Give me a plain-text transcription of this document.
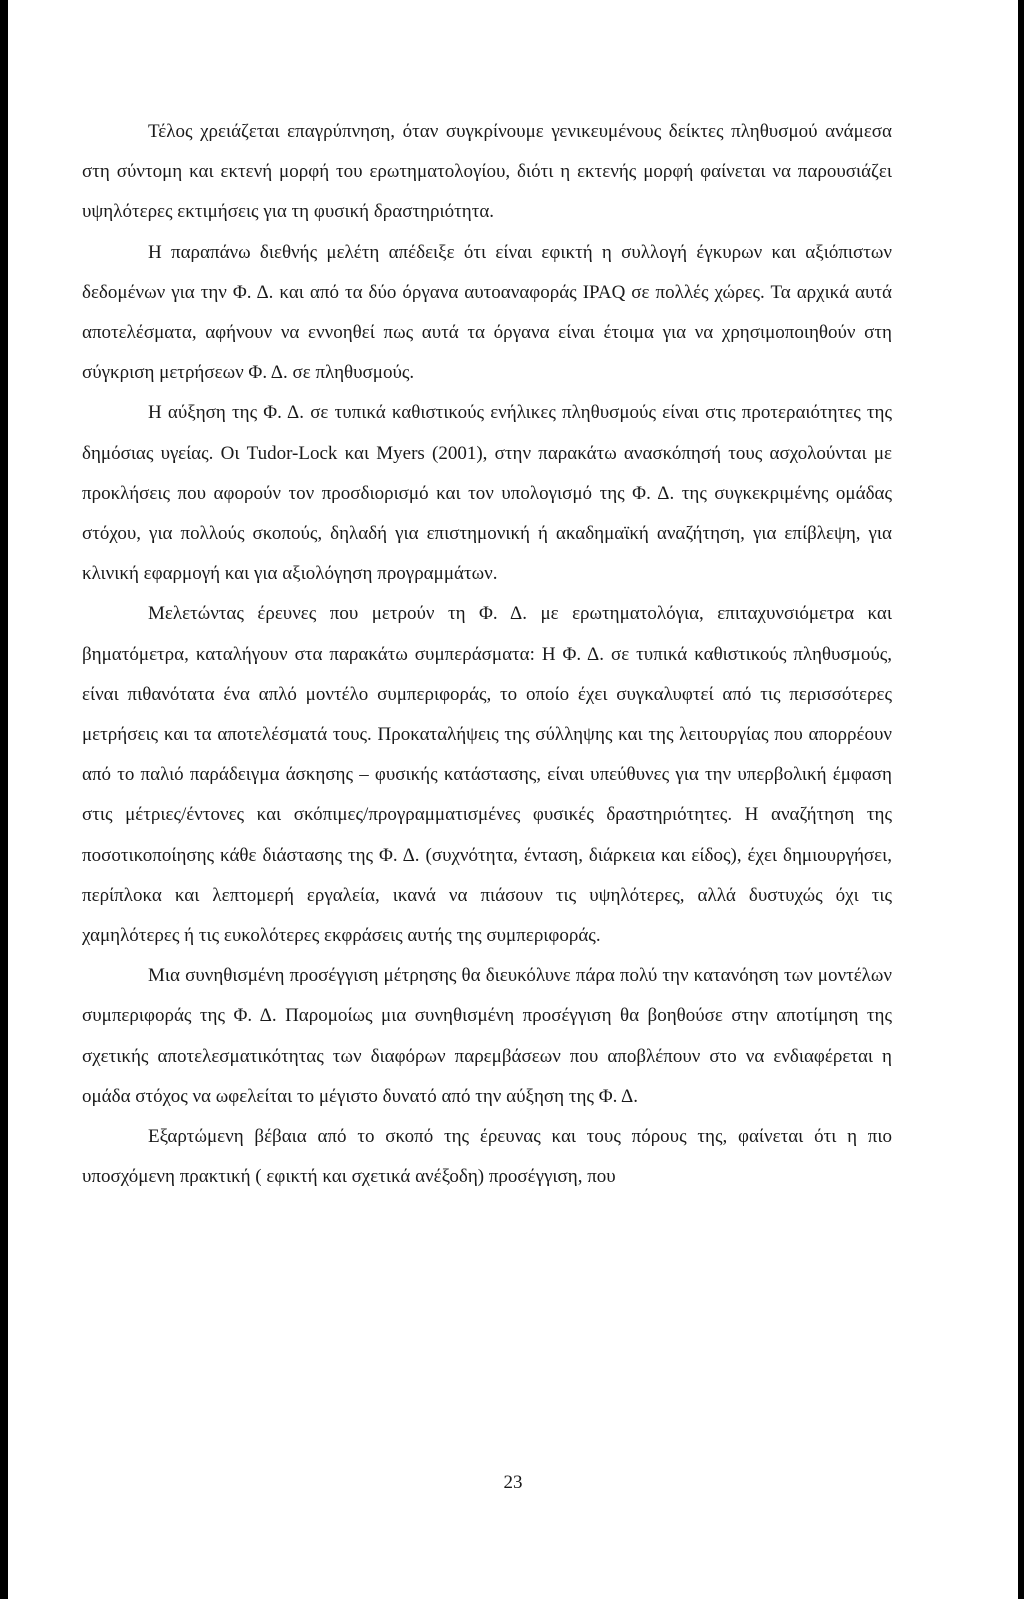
Τέλος χρειάζεται επαγρύπνηση, όταν συγκρίνουμε γενικευμένους δείκτες πληθυσμού ανάμεσα στη σύντομη και εκτενή μορφή του ερωτηματολογίου, διότι η εκτενής μορφή φαίνεται να παρουσιάζει υψηλότερες εκτιμήσεις για τη φυσική δραστηριότητα.

Η παραπάνω διεθνής μελέτη απέδειξε ότι είναι εφικτή η συλλογή έγκυρων και αξιόπιστων δεδομένων για την Φ. Δ. και από τα δύο όργανα αυτοαναφοράς IPAQ σε πολλές χώρες. Τα αρχικά αυτά αποτελέσματα, αφήνουν να εννοηθεί πως αυτά τα όργανα είναι έτοιμα για να χρησιμοποιηθούν στη σύγκριση μετρήσεων Φ. Δ. σε πληθυσμούς.

Η αύξηση της Φ. Δ. σε τυπικά καθιστικούς ενήλικες πληθυσμούς είναι στις προτεραιότητες της δημόσιας υγείας. Οι Tudor-Lock και Myers (2001), στην παρακάτω ανασκόπησή τους ασχολούνται με προκλήσεις που αφορούν τον προσδιορισμό και τον υπολογισμό της Φ. Δ. της συγκεκριμένης ομάδας στόχου, για πολλούς σκοπούς, δηλαδή για επιστημονική ή ακαδημαϊκή αναζήτηση, για επίβλεψη, για κλινική εφαρμογή και για αξιολόγηση προγραμμάτων.

Μελετώντας έρευνες που μετρούν τη Φ. Δ. με ερωτηματολόγια, επιταχυνσιόμετρα και βηματόμετρα, καταλήγουν στα παρακάτω συμπεράσματα: Η Φ. Δ. σε τυπικά καθιστικούς πληθυσμούς, είναι πιθανότατα ένα απλό μοντέλο συμπεριφοράς, το οποίο έχει συγκαλυφτεί από τις περισσότερες μετρήσεις και τα αποτελέσματά τους. Προκαταλήψεις της σύλληψης και της λειτουργίας που απορρέουν από το παλιό παράδειγμα άσκησης – φυσικής κατάστασης, είναι υπεύθυνες για την υπερβολική έμφαση στις μέτριες/έντονες και σκόπιμες/προγραμματισμένες φυσικές δραστηριότητες. Η αναζήτηση της ποσοτικοποίησης κάθε διάστασης της Φ. Δ. (συχνότητα, ένταση, διάρκεια και είδος), έχει δημιουργήσει, περίπλοκα και λεπτομερή εργαλεία, ικανά να πιάσουν τις υψηλότερες, αλλά δυστυχώς όχι τις χαμηλότερες ή τις ευκολότερες εκφράσεις αυτής της συμπεριφοράς.

Μια συνηθισμένη προσέγγιση μέτρησης θα διευκόλυνε πάρα πολύ την κατανόηση των μοντέλων συμπεριφοράς της Φ. Δ. Παρομοίως μια συνηθισμένη προσέγγιση θα βοηθούσε στην αποτίμηση της σχετικής αποτελεσματικότητας των διαφόρων παρεμβάσεων που αποβλέπουν στο να ενδιαφέρεται η ομάδα στόχος να ωφελείται το μέγιστο δυνατό από την αύξηση της Φ. Δ.

Εξαρτώμενη βέβαια από το σκοπό της έρευνας και τους πόρους της, φαίνεται ότι η πιο υποσχόμενη πρακτική ( εφικτή και σχετικά ανέξοδη) προσέγγιση, που

23
